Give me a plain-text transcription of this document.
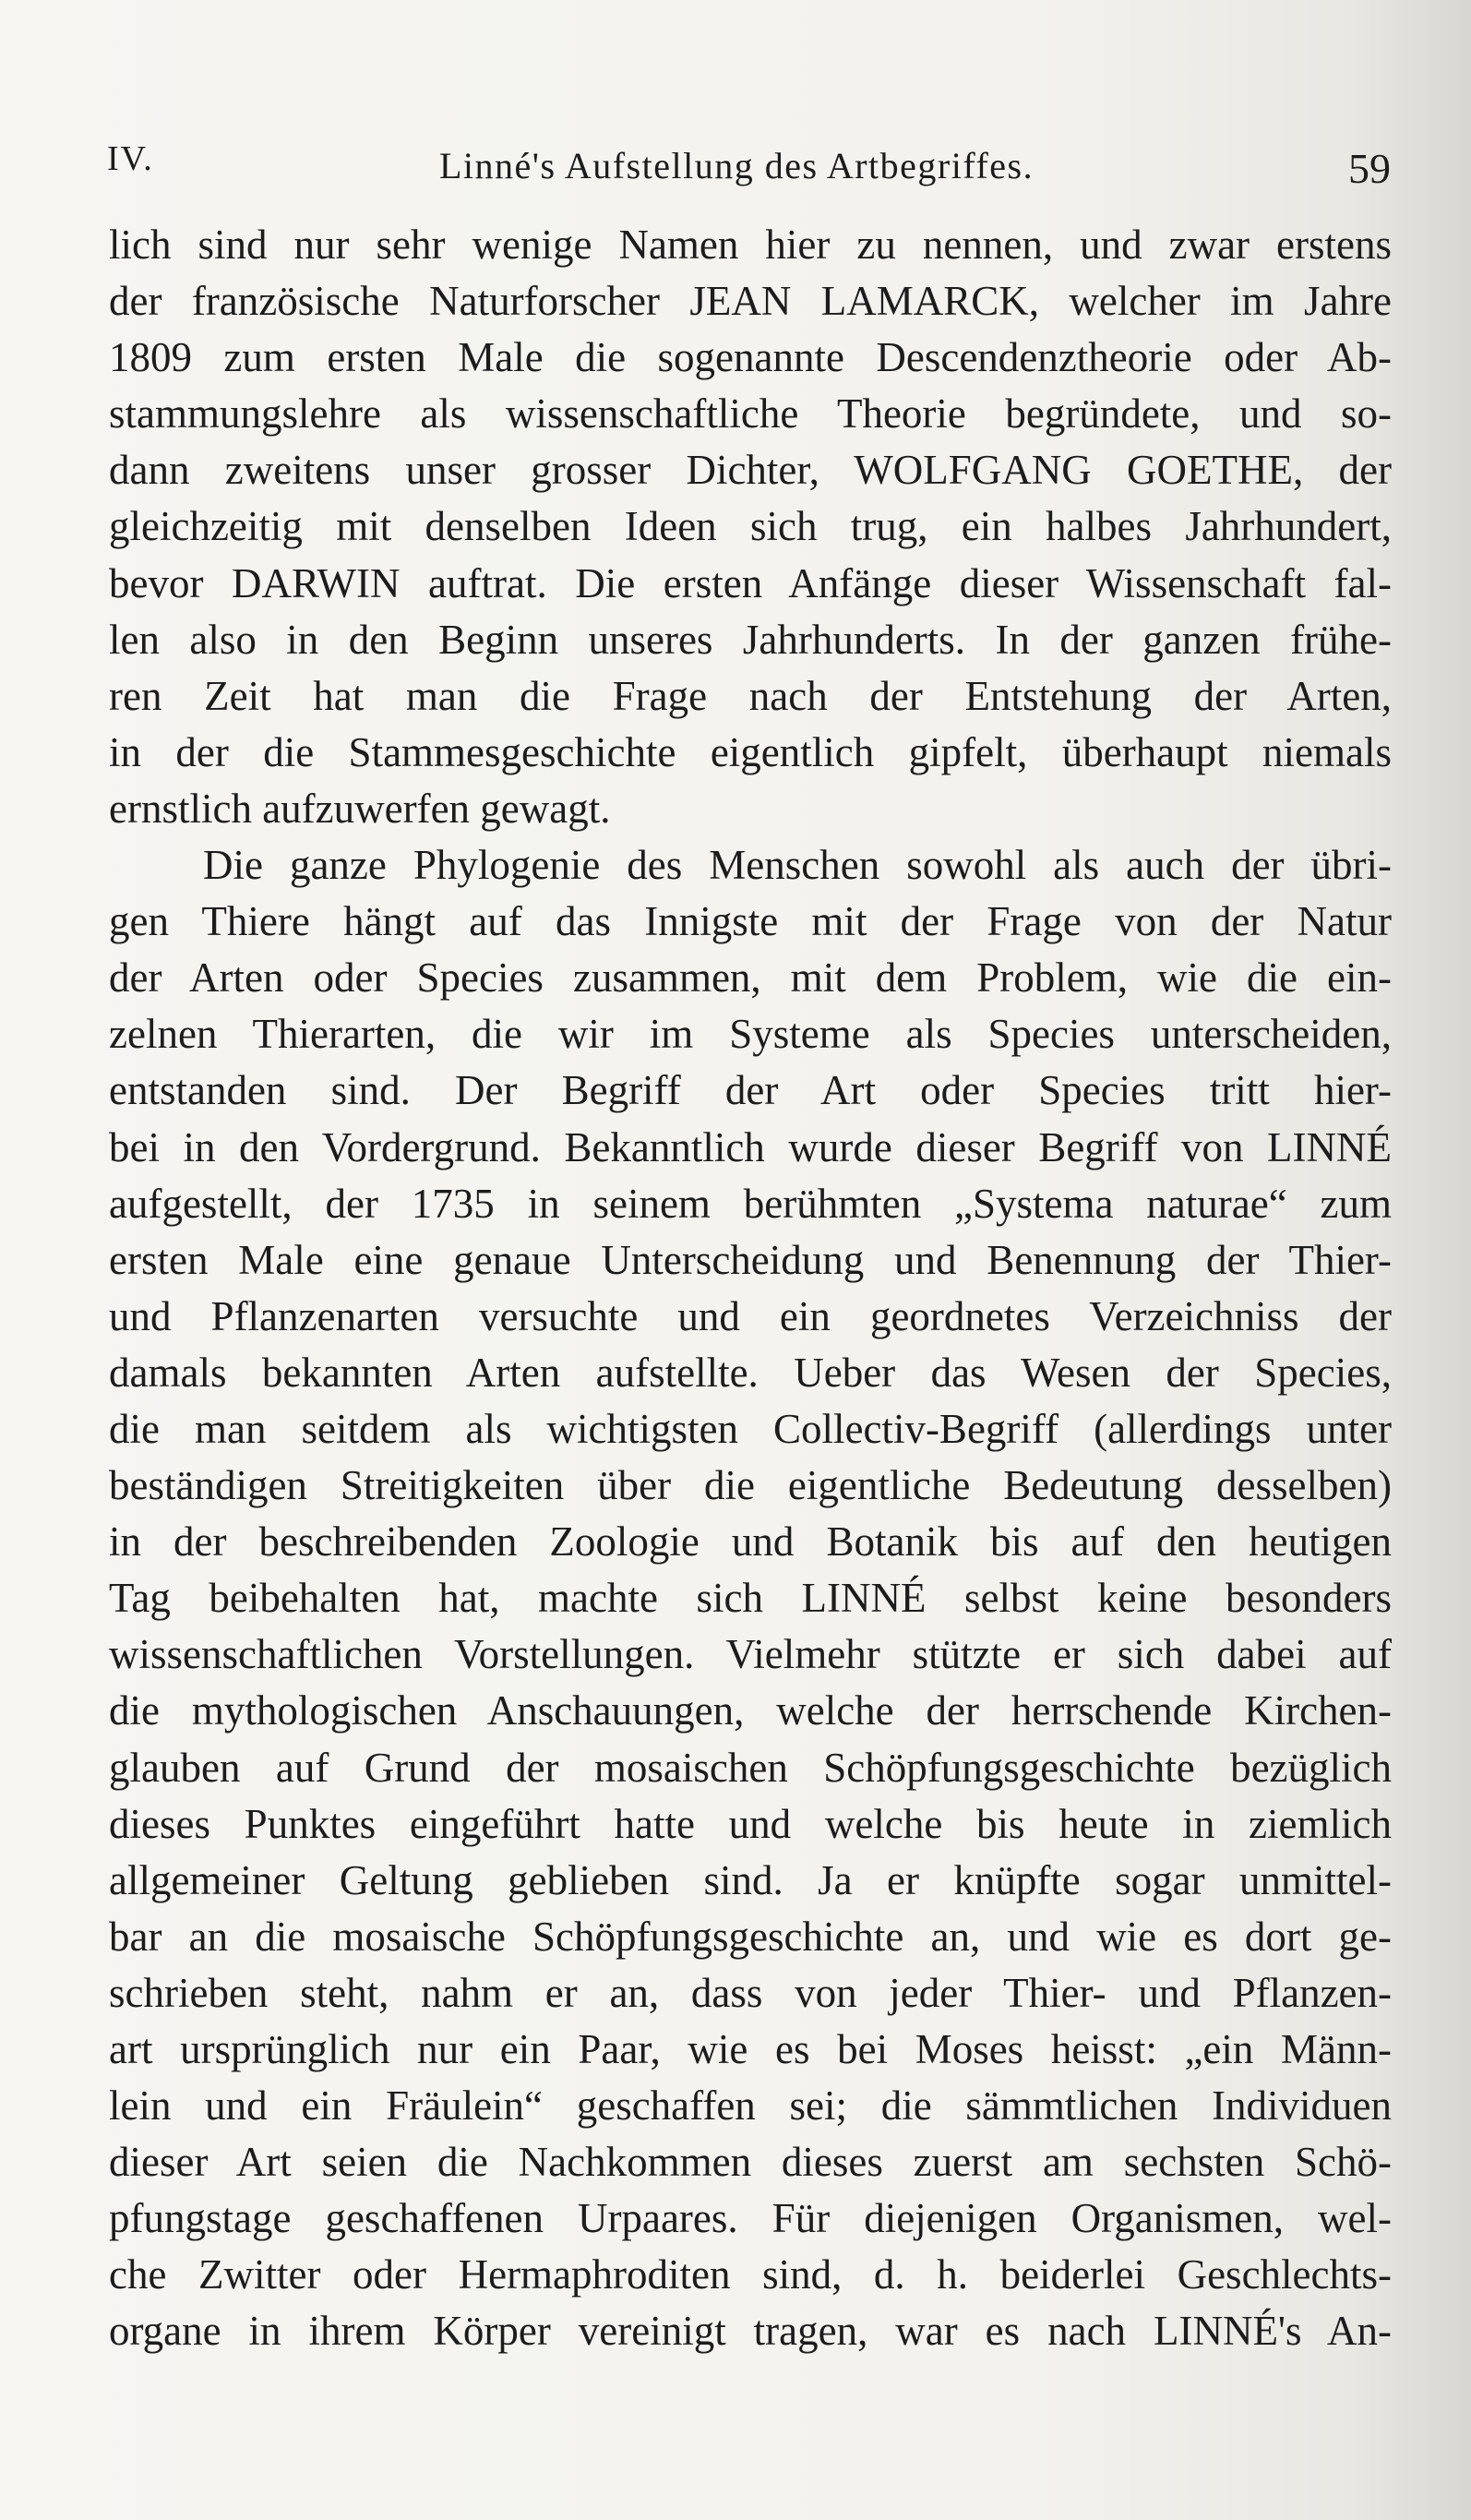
IV.	Linné's Aufstellung des Artbegriffes.	59
lich sind nur sehr wenige Namen hier zu nennen, und zwar erstens
der französische Naturforscher JEAN LAMARCK, welcher im Jahre
1809 zum ersten Male die sogenannte Descendenztheorie oder Ab-
stammungslehre als wissenschaftliche Theorie begründete, und so-
dann zweitens unser grosser Dichter, WOLFGANG GOETHE, der
gleichzeitig mit denselben Ideen sich trug, ein halbes Jahrhundert,
bevor DARWIN auftrat. Die ersten Anfänge dieser Wissenschaft fal-
len also in den Beginn unseres Jahrhunderts. In der ganzen frühe-
ren Zeit hat man die Frage nach der Entstehung der Arten,
in der die Stammesgeschichte eigentlich gipfelt, überhaupt niemals
ernstlich aufzuwerfen gewagt.
Die ganze Phylogenie des Menschen sowohl als auch der übri-
gen Thiere hängt auf das Innigste mit der Frage von der Natur
der Arten oder Species zusammen, mit dem Problem, wie die ein-
zelnen Thierarten, die wir im Systeme als Species unterscheiden,
entstanden sind. Der Begriff der Art oder Species tritt hier-
bei in den Vordergrund. Bekanntlich wurde dieser Begriff von LINNÉ
aufgestellt, der 1735 in seinem berühmten „Systema naturae“ zum
ersten Male eine genaue Unterscheidung und Benennung der Thier-
und Pflanzenarten versuchte und ein geordnetes Verzeichniss der
damals bekannten Arten aufstellte. Ueber das Wesen der Species,
die man seitdem als wichtigsten Collectiv-Begriff (allerdings unter
beständigen Streitigkeiten über die eigentliche Bedeutung desselben)
in der beschreibenden Zoologie und Botanik bis auf den heutigen
Tag beibehalten hat, machte sich LINNÉ selbst keine besonders
wissenschaftlichen Vorstellungen. Vielmehr stützte er sich dabei auf
die mythologischen Anschauungen, welche der herrschende Kirchen-
glauben auf Grund der mosaischen Schöpfungsgeschichte bezüglich
dieses Punktes eingeführt hatte und welche bis heute in ziemlich
allgemeiner Geltung geblieben sind. Ja er knüpfte sogar unmittel-
bar an die mosaische Schöpfungsgeschichte an, und wie es dort ge-
schrieben steht, nahm er an, dass von jeder Thier- und Pflanzen-
art ursprünglich nur ein Paar, wie es bei Moses heisst: „ein Männ-
lein und ein Fräulein“ geschaffen sei; die sämmtlichen Individuen
dieser Art seien die Nachkommen dieses zuerst am sechsten Schö-
pfungstage geschaffenen Urpaares. Für diejenigen Organismen, wel-
che Zwitter oder Hermaphroditen sind, d. h. beiderlei Geschlechts-
organe in ihrem Körper vereinigt tragen, war es nach LINNÉ's An-
